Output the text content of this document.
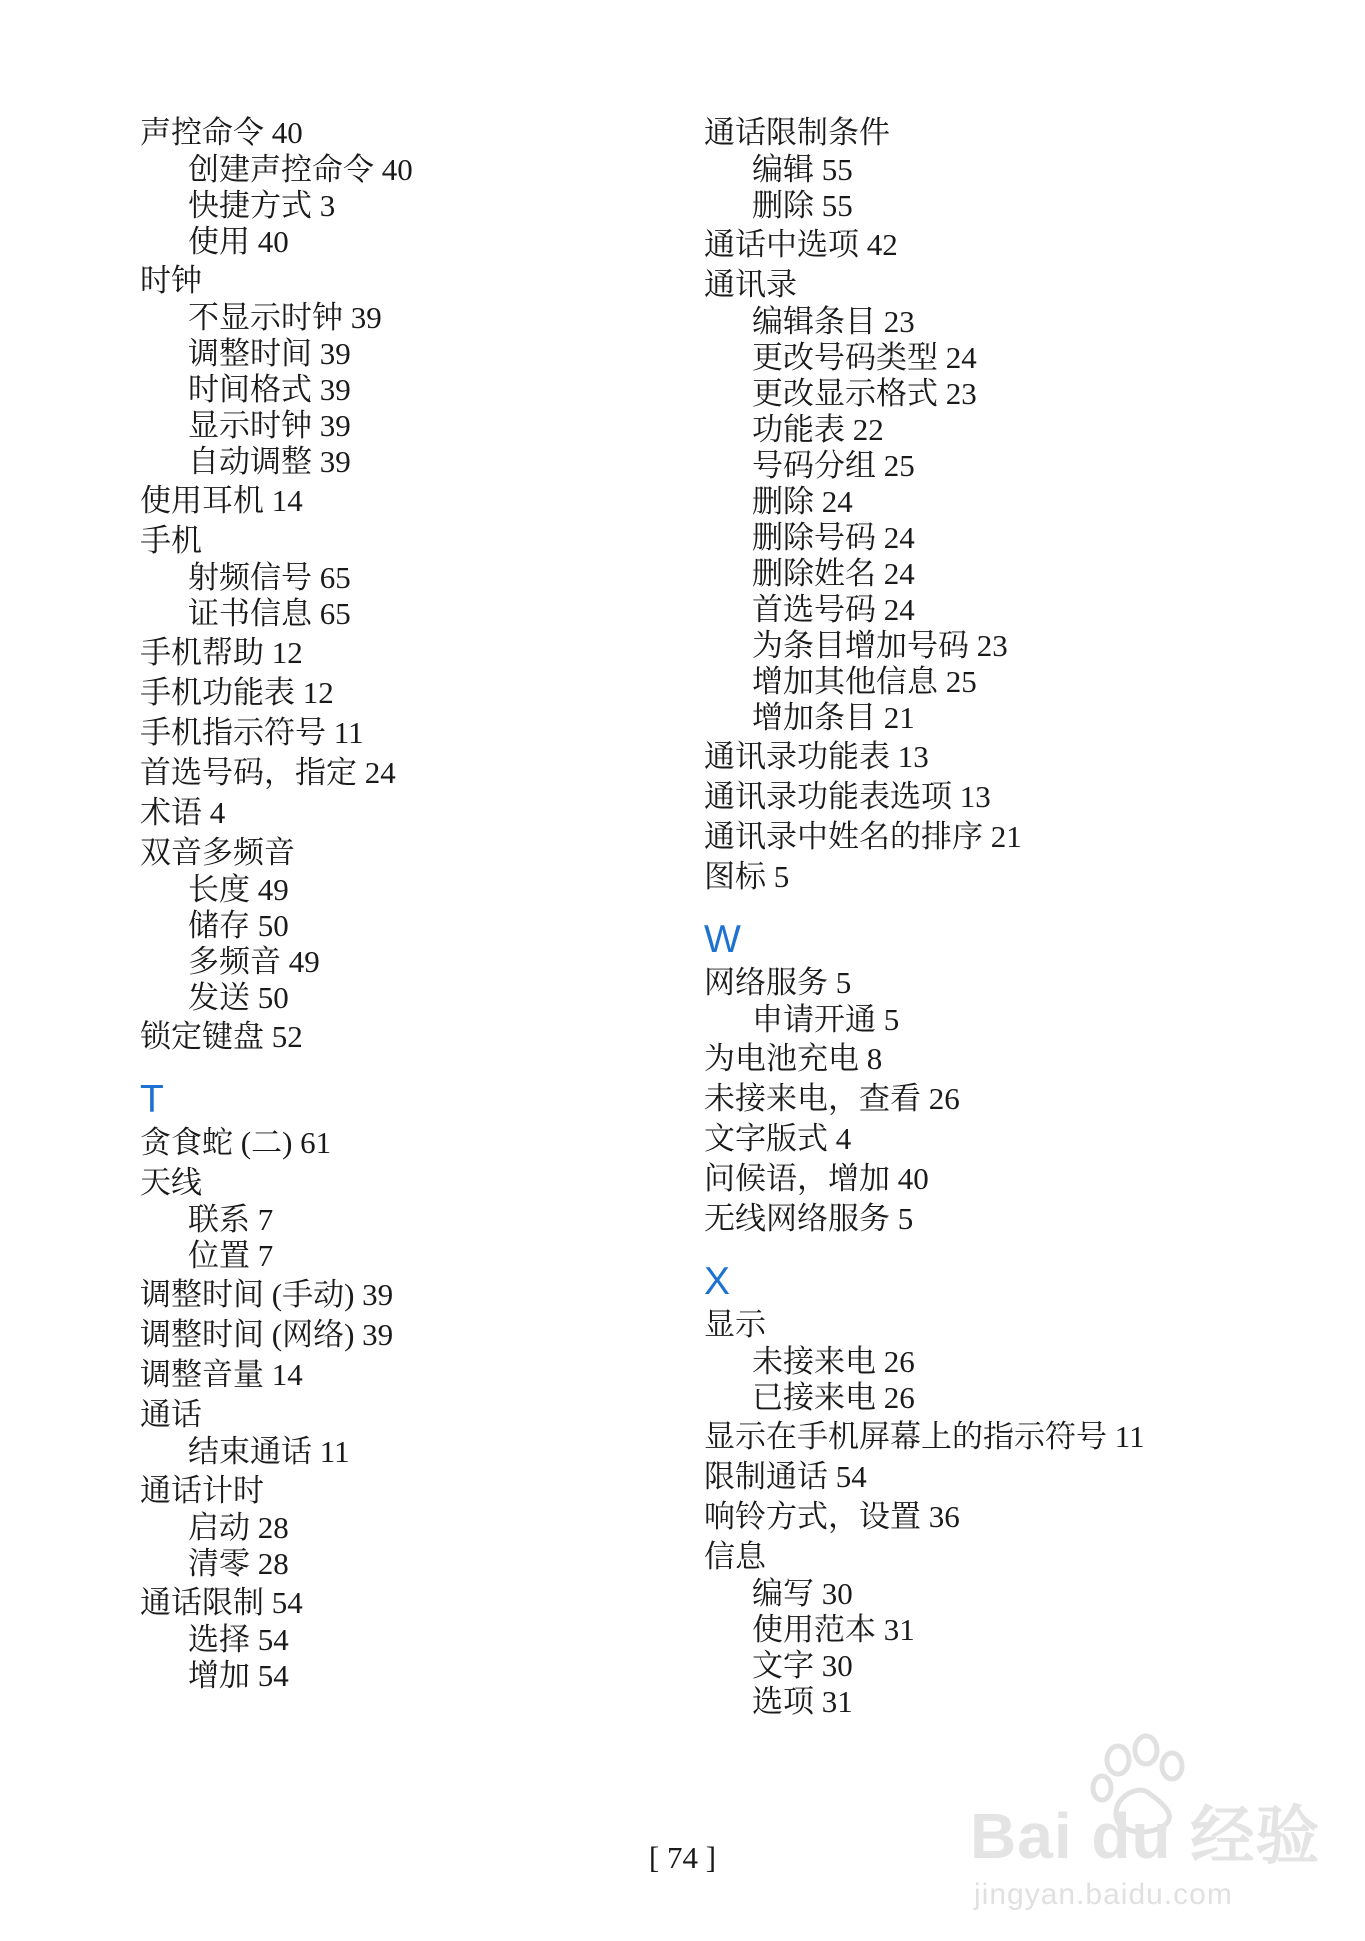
声控命令 40
创建声控命令 40
快捷方式 3
使用 40
时钟
不显示时钟 39
调整时间 39
时间格式 39
显示时钟 39
自动调整 39
使用耳机 14
手机
射频信号 65
证书信息 65
手机帮助 12
手机功能表 12
手机指示符号 11
首选号码，指定 24
术语 4
双音多频音
长度 49
储存 50
多频音 49
发送 50
锁定键盘 52
T
贪食蛇 (二) 61
天线
联系 7
位置 7
调整时间 (手动) 39
调整时间 (网络) 39
调整音量 14
通话
结束通话 11
通话计时
启动 28
清零 28
通话限制 54
选择 54
增加 54
通话限制条件
编辑 55
删除 55
通话中选项 42
通讯录
编辑条目 23
更改号码类型 24
更改显示格式 23
功能表 22
号码分组 25
删除 24
删除号码 24
删除姓名 24
首选号码 24
为条目增加号码 23
增加其他信息 25
增加条目 21
通讯录功能表 13
通讯录功能表选项 13
通讯录中姓名的排序 21
图标 5
W
网络服务 5
申请开通 5
为电池充电 8
未接来电，查看 26
文字版式 4
问候语，增加 40
无线网络服务 5
X
显示
未接来电 26
已接来电 26
显示在手机屏幕上的指示符号 11
限制通话 54
响铃方式，设置 36
信息
编写 30
使用范本 31
文字 30
选项 31
[ 74 ]	Bai du 经验
jingyan.baidu.com
